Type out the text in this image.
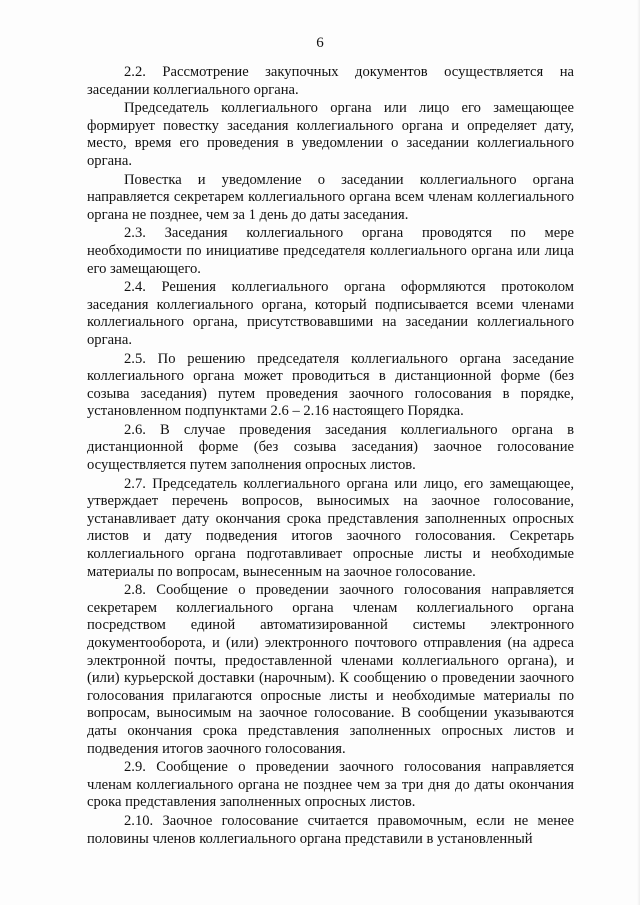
6

2.2. Рассмотрение закупочных документов осуществляется на заседании коллегиального органа.

Председатель коллегиального органа или лицо его замещающее формирует повестку заседания коллегиального органа и определяет дату, место, время его проведения в уведомлении о заседании коллегиального органа.

Повестка и уведомление о заседании коллегиального органа направляется секретарем коллегиального органа всем членам коллегиального органа не позднее, чем за 1 день до даты заседания.

2.3. Заседания коллегиального органа проводятся по мере необходимости по инициативе председателя коллегиального органа или лица его замещающего.

2.4. Решения коллегиального органа оформляются протоколом заседания коллегиального органа, который подписывается всеми членами коллегиального органа, присутствовавшими на заседании коллегиального органа.

2.5. По решению председателя коллегиального органа заседание коллегиального органа может проводиться в дистанционной форме (без созыва заседания) путем проведения заочного голосования в порядке, установленном подпунктами 2.6 – 2.16 настоящего Порядка.

2.6. В случае проведения заседания коллегиального органа в дистанционной форме (без созыва заседания) заочное голосование осуществляется путем заполнения опросных листов.

2.7. Председатель коллегиального органа или лицо, его замещающее, утверждает перечень вопросов, выносимых на заочное голосование, устанавливает дату окончания срока представления заполненных опросных листов и дату подведения итогов заочного голосования. Секретарь коллегиального органа подготавливает опросные листы и необходимые материалы по вопросам, вынесенным на заочное голосование.

2.8. Сообщение о проведении заочного голосования направляется секретарем коллегиального органа членам коллегиального органа посредством единой автоматизированной системы электронного документооборота, и (или) электронного почтового отправления (на адреса электронной почты, предоставленной членами коллегиального органа), и (или) курьерской доставки (нарочным). К сообщению о проведении заочного голосования прилагаются опросные листы и необходимые материалы по вопросам, выносимым на заочное голосование. В сообщении указываются даты окончания срока представления заполненных опросных листов и подведения итогов заочного голосования.

2.9. Сообщение о проведении заочного голосования направляется членам коллегиального органа не позднее чем за три дня до даты окончания срока представления заполненных опросных листов.

2.10. Заочное голосование считается правомочным, если не менее половины членов коллегиального органа представили в установленный
